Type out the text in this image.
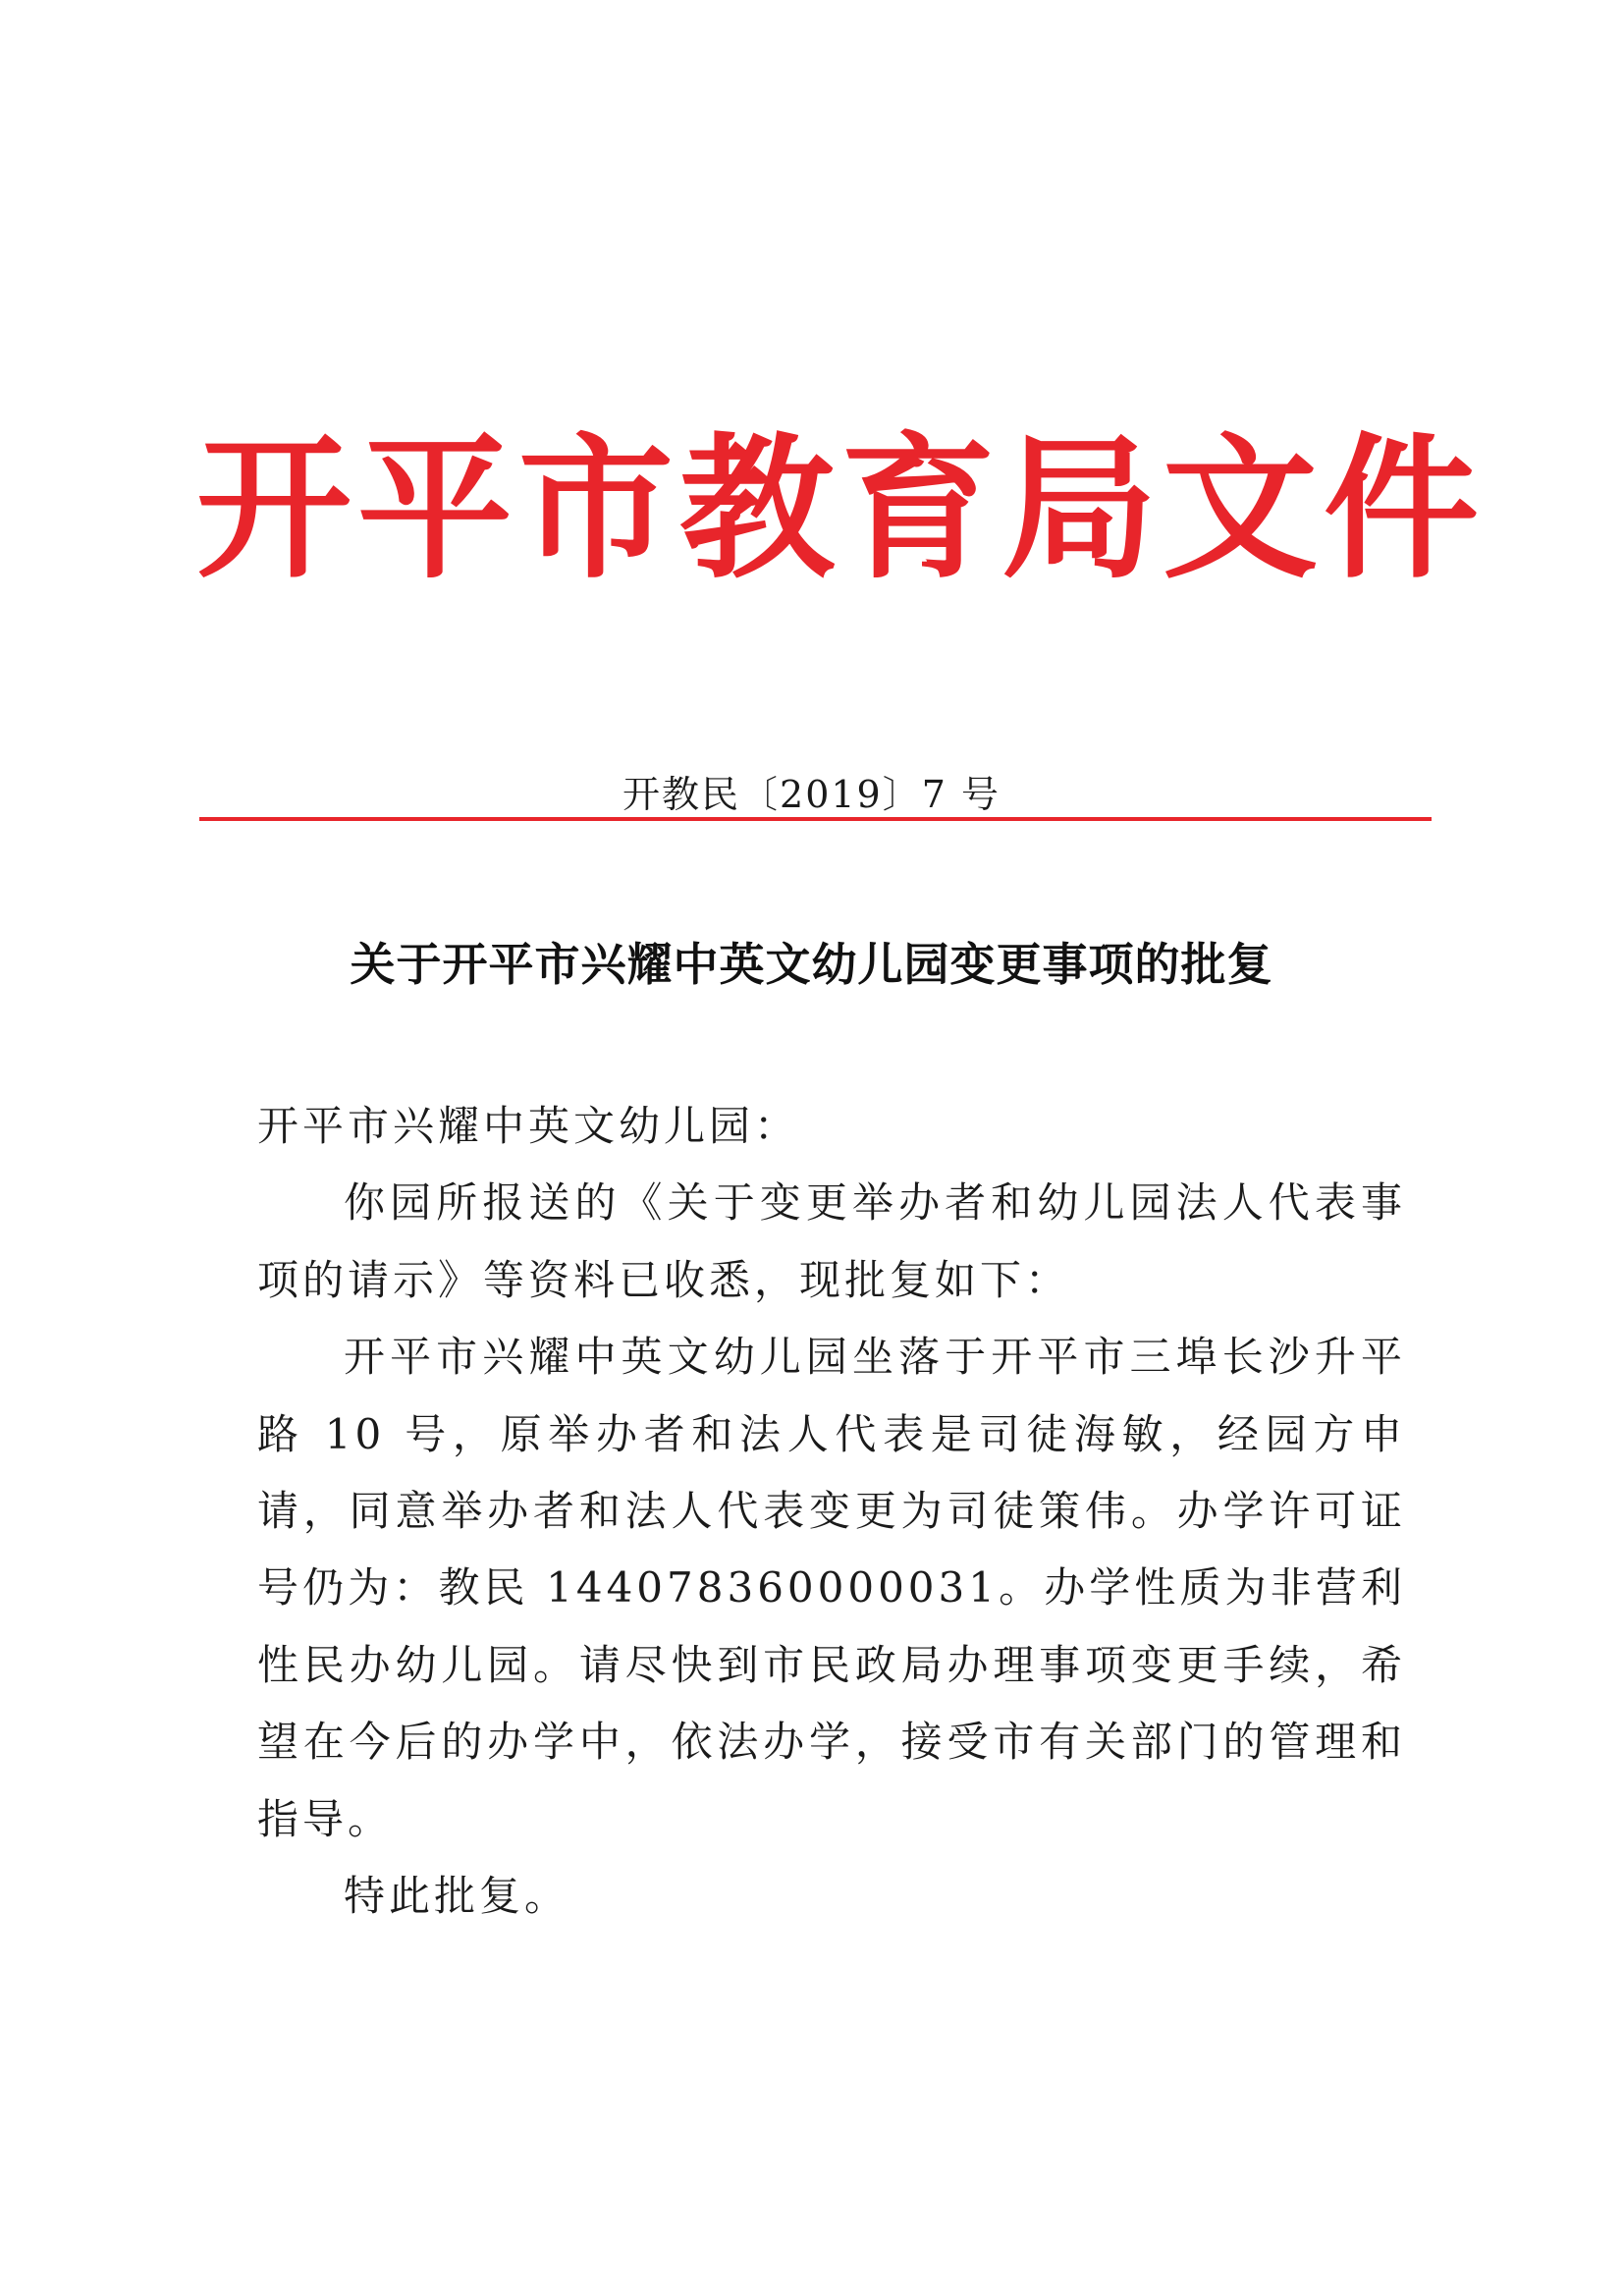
开平市教育局文件
开教民〔2019〕7 号
关于开平市兴耀中英文幼儿园变更事项的批复

开平市兴耀中英文幼儿园：

你园所报送的《关于变更举办者和幼儿园法人代表事项的请示》等资料已收悉，现批复如下：

开平市兴耀中英文幼儿园坐落于开平市三埠长沙升平路 10 号，原举办者和法人代表是司徒海敏，经园方申请，同意举办者和法人代表变更为司徒策伟。办学许可证号仍为：教民 144078360000031。办学性质为非营利性民办幼儿园。请尽快到市民政局办理事项变更手续，希望在今后的办学中，依法办学，接受市有关部门的管理和指导。

特此批复。
